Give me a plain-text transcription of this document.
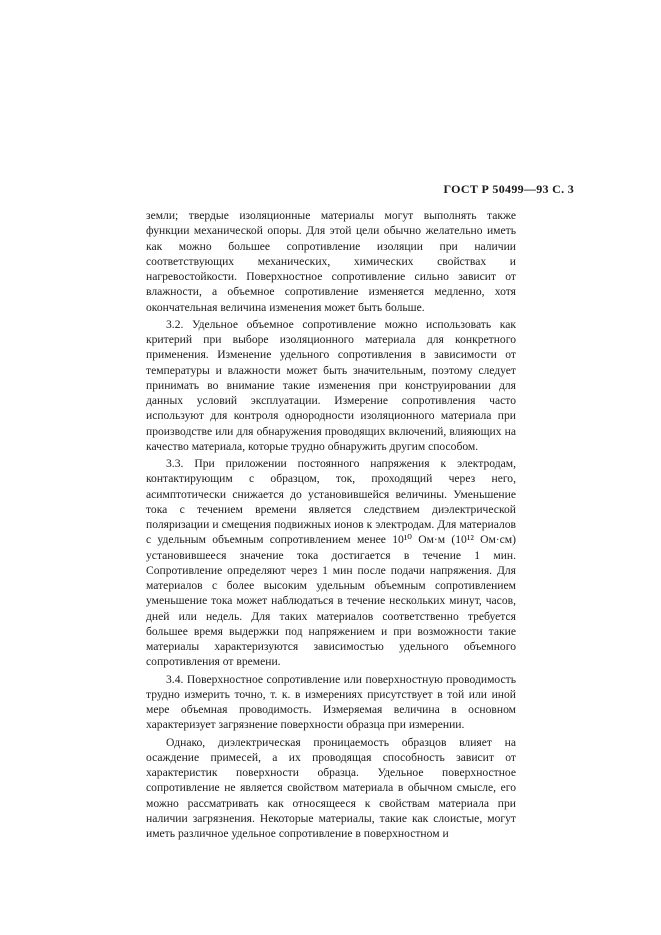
ГОСТ Р 50499—93 С. 3

земли; твердые изоляционные материалы могут выполнять также функции механической опоры. Для этой цели обычно желательно иметь как можно большее сопротивление изоляции при наличии соответствующих механических, химических свойствах и нагревостойкости. Поверхностное сопротивление сильно зависит от влажности, а объемное сопротивление изменяется медленно, хотя окончательная величина изменения может быть больше.

3.2. Удельное объемное сопротивление можно использовать как критерий при выборе изоляционного материала для конкретного применения. Изменение удельного сопротивления в зависимости от температуры и влажности может быть значительным, поэтому следует принимать во внимание такие изменения при конструировании для данных условий эксплуатации. Измерение сопротивления часто используют для контроля однородности изоляционного материала при производстве или для обнаружения проводящих включений, влияющих на качество материала, которые трудно обнаружить другим способом.

3.3. При приложении постоянного напряжения к электродам, контактирующим с образцом, ток, проходящий через него, асимптотически снижается до установившейся величины. Уменьшение тока с течением времени является следствием диэлектрической поляризации и смещения подвижных ионов к электродам. Для материалов с удельным объемным сопротивлением менее 10¹⁰ Ом·м (10¹² Ом·см) установившееся значение тока достигается в течение 1 мин. Сопротивление определяют через 1 мин после подачи напряжения. Для материалов с более высоким удельным объемным сопротивлением уменьшение тока может наблюдаться в течение нескольких минут, часов, дней или недель. Для таких материалов соответственно требуется большее время выдержки под напряжением и при возможности такие материалы характеризуются зависимостью удельного объемного сопротивления от времени.

3.4. Поверхностное сопротивление или поверхностную проводимость трудно измерить точно, т. к. в измерениях присутствует в той или иной мере объемная проводимость. Измеряемая величина в основном характеризует загрязнение поверхности образца при измерении.

Однако, диэлектрическая проницаемость образцов влияет на осаждение примесей, а их проводящая способность зависит от характеристик поверхности образца. Удельное поверхностное сопротивление не является свойством материала в обычном смысле, его можно рассматривать как относящееся к свойствам материала при наличии загрязнения. Некоторые материалы, такие как слоистые, могут иметь различное удельное сопротивление в поверхностном и
